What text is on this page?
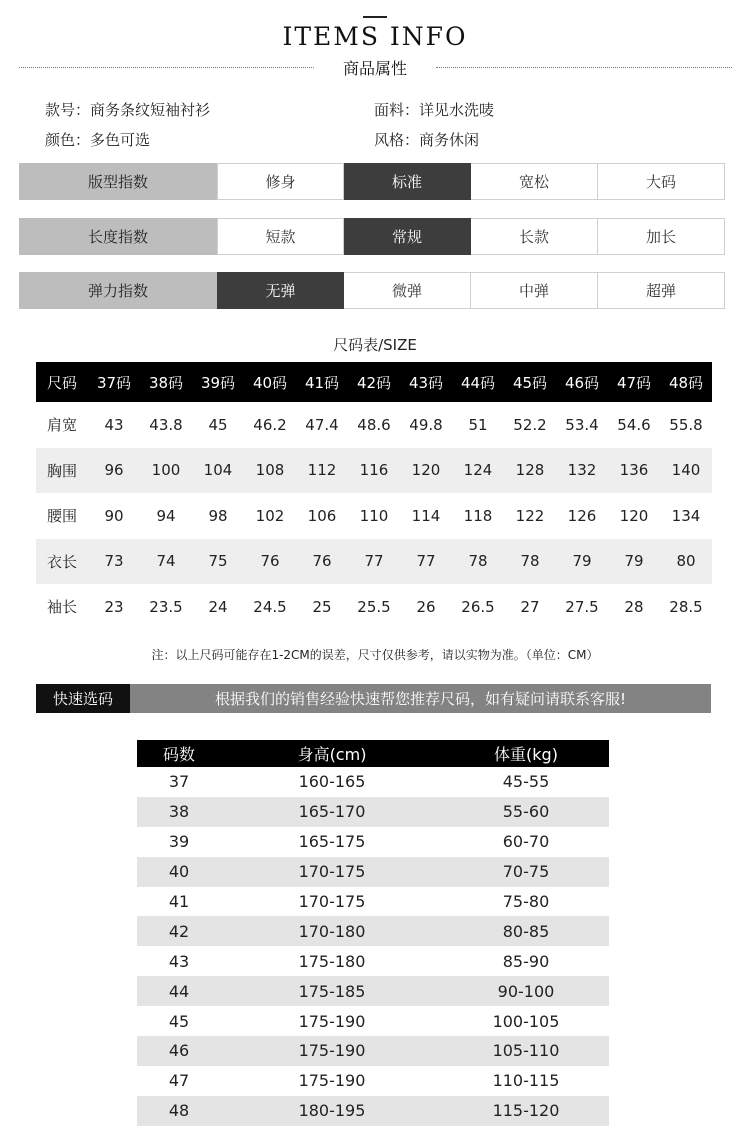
ITEMS INFO
商品属性
款号：商务条纹短袖衬衫	面料：详见水洗唛
颜色：多色可选	风格：商务休闲
版型指数	修身	标准	宽松	大码
长度指数	短款	常规	长款	加长
弹力指数	无弹	微弹	中弹	超弹
尺码表/SIZE
尺码	37码	38码	39码	40码	41码	42码	43码	44码	45码	46码	47码	48码
肩宽	43	43.8	45	46.2	47.4	48.6	49.8	51	52.2	53.4	54.6	55.8
胸围	96	100	104	108	112	116	120	124	128	132	136	140
腰围	90	94	98	102	106	110	114	118	122	126	120	134
衣长	73	74	75	76	76	77	77	78	78	79	79	80
袖长	23	23.5	24	24.5	25	25.5	26	26.5	27	27.5	28	28.5
注：以上尺码可能存在1-2CM的误差，尺寸仅供参考，请以实物为准。（单位：CM）
快速选码	根据我们的销售经验快速帮您推荐尺码，如有疑问请联系客服!
码数	身高(cm)	体重(kg)
37	160-165	45-55
38	165-170	55-60
39	165-175	60-70
40	170-175	70-75
41	170-175	75-80
42	170-180	80-85
43	175-180	85-90
44	175-185	90-100
45	175-190	100-105
46	175-190	105-110
47	175-190	110-115
48	180-195	115-120
